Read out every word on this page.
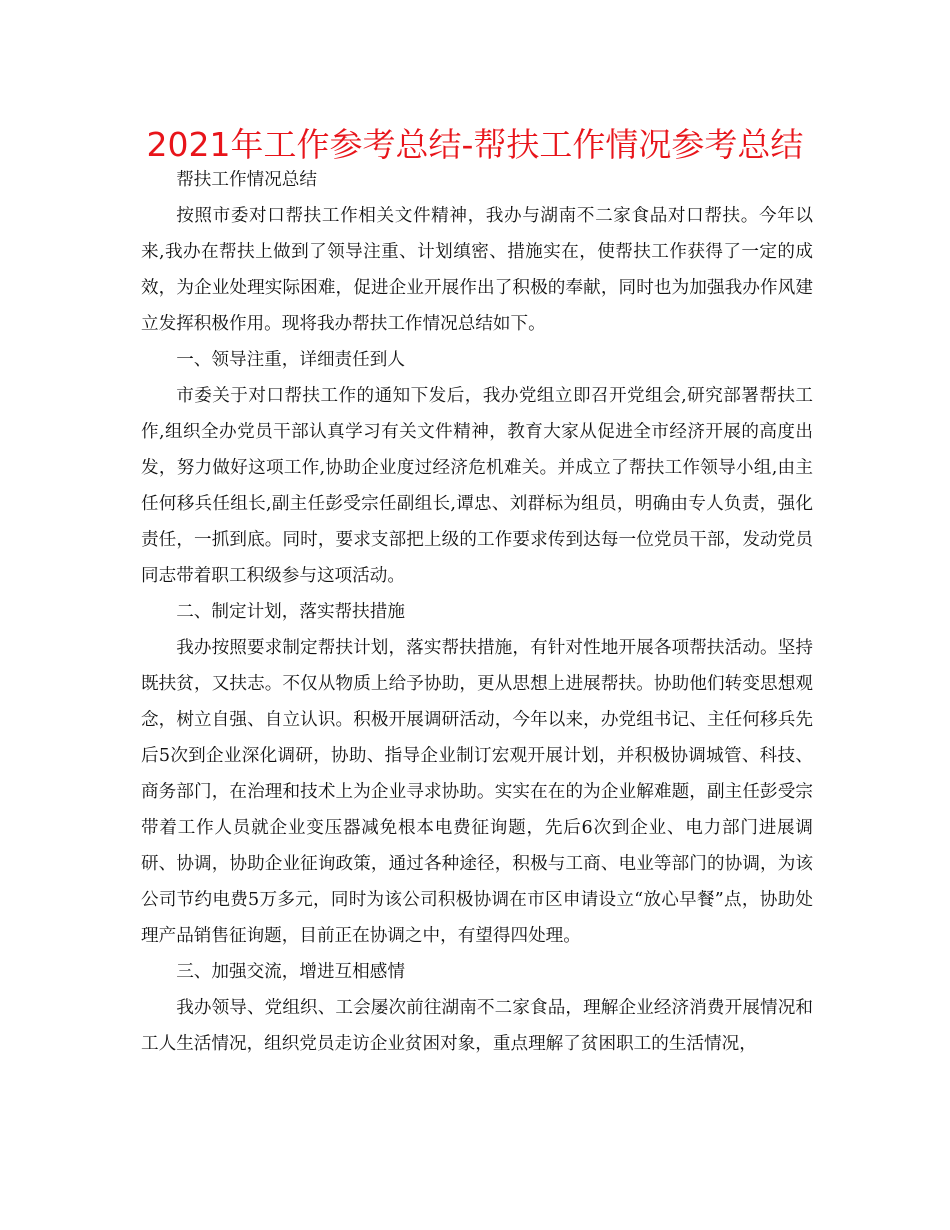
2021年工作参考总结-帮扶工作情况参考总结

帮扶工作情况总结

按照市委对口帮扶工作相关文件精神，我办与湖南不二家食品对口帮扶。今年以来,我办在帮扶上做到了领导注重、计划缜密、措施实在，使帮扶工作获得了一定的成效，为企业处理实际困难，促进企业开展作出了积极的奉献，同时也为加强我办作风建立发挥积极作用。现将我办帮扶工作情况总结如下。

一、领导注重，详细责任到人

市委关于对口帮扶工作的通知下发后，我办党组立即召开党组会,研究部署帮扶工作,组织全办党员干部认真学习有关文件精神，教育大家从促进全市经济开展的高度出发，努力做好这项工作,协助企业度过经济危机难关。并成立了帮扶工作领导小组,由主任何移兵任组长,副主任彭受宗任副组长,谭忠、刘群标为组员，明确由专人负责，强化责任，一抓到底。同时，要求支部把上级的工作要求传到达每一位党员干部，发动党员同志带着职工积级参与这项活动。

二、制定计划，落实帮扶措施

我办按照要求制定帮扶计划，落实帮扶措施，有针对性地开展各项帮扶活动。坚持既扶贫，又扶志。不仅从物质上给予协助，更从思想上进展帮扶。协助他们转变思想观念，树立自强、自立认识。积极开展调研活动，今年以来，办党组书记、主任何移兵先后5次到企业深化调研，协助、指导企业制订宏观开展计划，并积极协调城管、科技、商务部门，在治理和技术上为企业寻求协助。实实在在的为企业解难题，副主任彭受宗带着工作人员就企业变压器减免根本电费征询题，先后6次到企业、电力部门进展调研、协调，协助企业征询政策，通过各种途径，积极与工商、电业等部门的协调，为该公司节约电费5万多元，同时为该公司积极协调在市区申请设立“放心早餐”点，协助处理产品销售征询题，目前正在协调之中，有望得四处理。

三、加强交流，增进互相感情

我办领导、党组织、工会屡次前往湖南不二家食品，理解企业经济消费开展情况和工人生活情况，组织党员走访企业贫困对象，重点理解了贫困职工的生活情况，
